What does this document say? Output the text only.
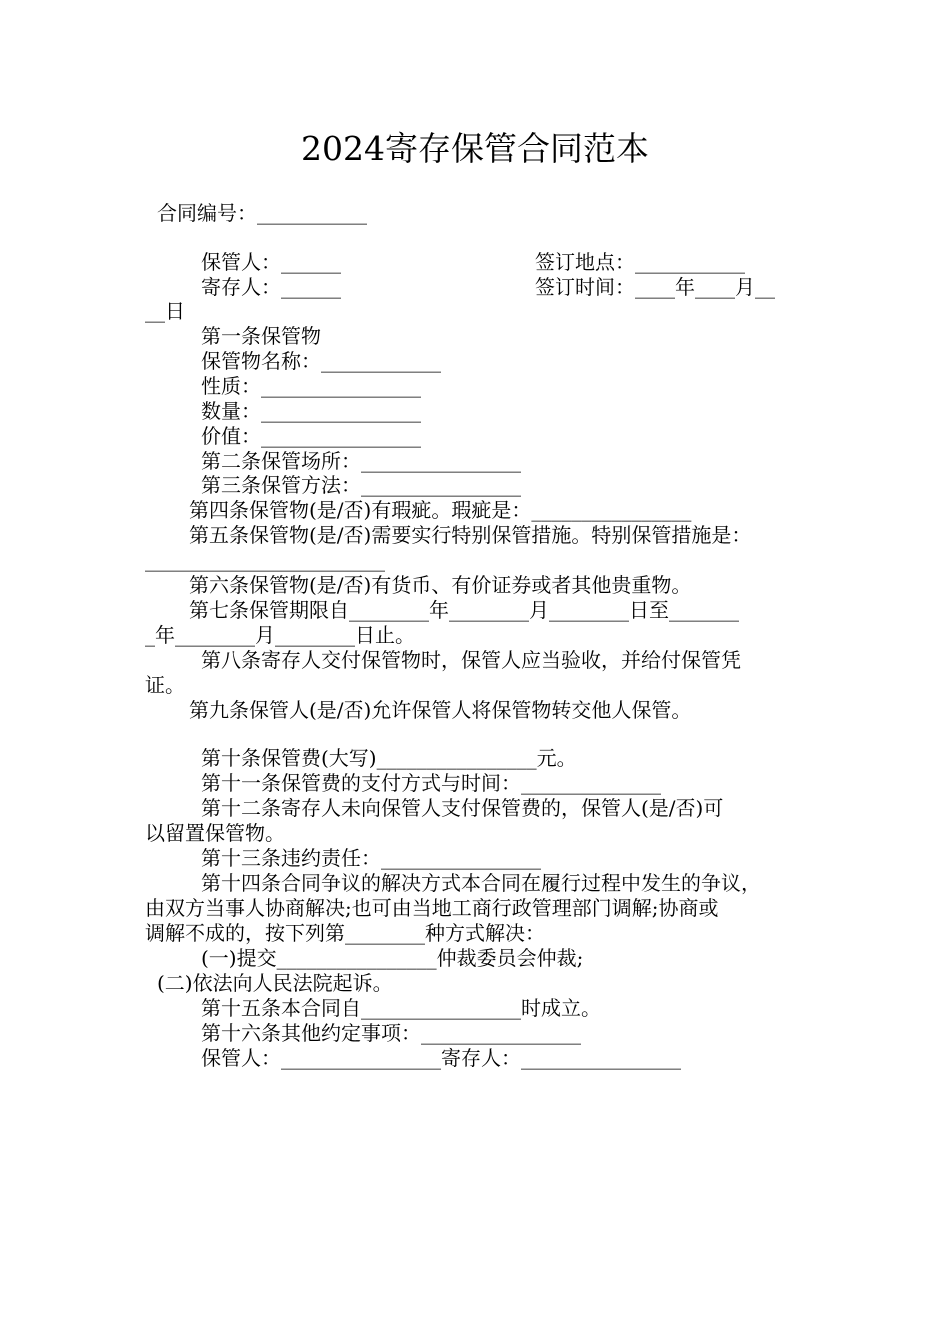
2024寄存保管合同范本
合同编号：___________
保管人：______	签订地点：___________
寄存人：______	签订时间：____年____月__
__日
第一条保管物
保管物名称：____________
性质：________________
数量：________________
价值：________________
第二条保管场所：________________
第三条保管方法：________________
第四条保管物(是/否)有瑕疵。瑕疵是：________________
第五条保管物(是/否)需要实行特别保管措施。特别保管措施是：
________________________
第六条保管物(是/否)有货币、有价证券或者其他贵重物。
第七条保管期限自________年________月________日至_______
_年________月________日止。
第八条寄存人交付保管物时，保管人应当验收，并给付保管凭
证。
第九条保管人(是/否)允许保管人将保管物转交他人保管。
第十条保管费(大写)________________元。
第十一条保管费的支付方式与时间：______________
第十二条寄存人未向保管人支付保管费的，保管人(是/否)可
以留置保管物。
第十三条违约责任：________________
第十四条合同争议的解决方式本合同在履行过程中发生的争议，
由双方当事人协商解决;也可由当地工商行政管理部门调解;协商或
调解不成的，按下列第________种方式解决：
(一)提交________________仲裁委员会仲裁;
(二)依法向人民法院起诉。
第十五条本合同自________________时成立。
第十六条其他约定事项：________________
保管人：________________寄存人：________________
